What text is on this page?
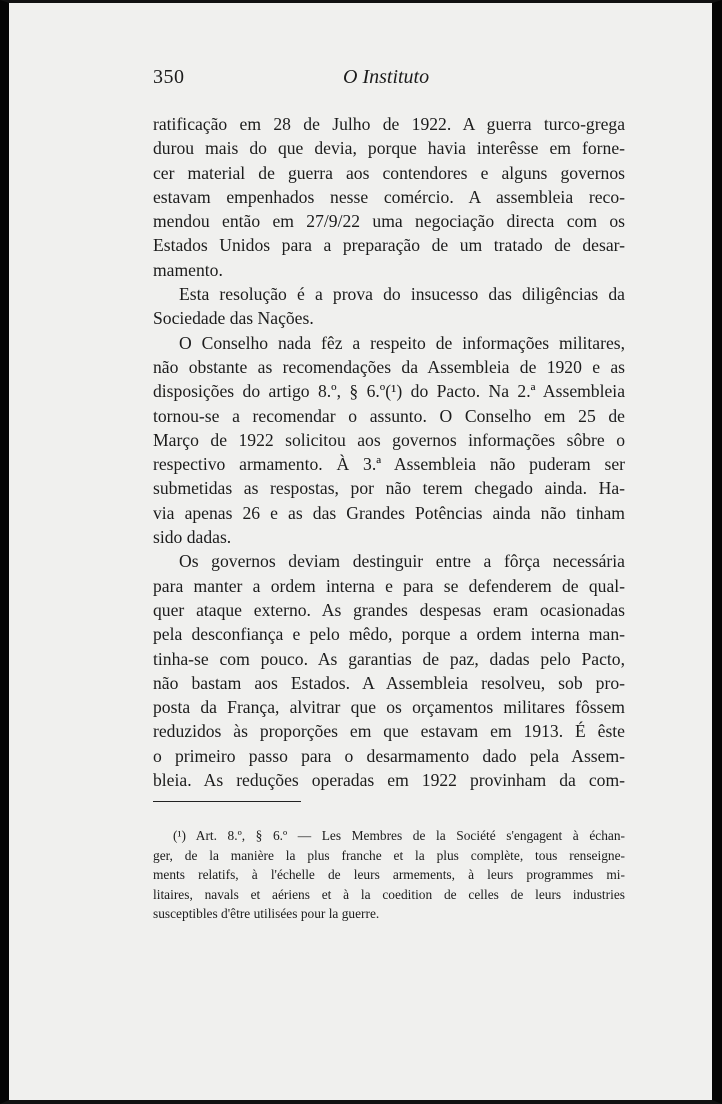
350	O Instituto

ratificação em 28 de Julho de 1922. A guerra turco-grega
durou mais do que devia, porque havia interêsse em forne-
cer material de guerra aos contendores e alguns governos
estavam empenhados nesse comércio. A assembleia reco-
mendou então em 27/9/22 uma negociação directa com os
Estados Unidos para a preparação de um tratado de desar-
mamento.

Esta resolução é a prova do insucesso das diligências da
Sociedade das Nações.

O Conselho nada fêz a respeito de informações militares,
não obstante as recomendações da Assembleia de 1920 e as
disposições do artigo 8.º, § 6.º(¹) do Pacto. Na 2.ª Assembleia
tornou-se a recomendar o assunto. O Conselho em 25 de
Março de 1922 solicitou aos governos informações sôbre o
respectivo armamento. À 3.ª Assembleia não puderam ser
submetidas as respostas, por não terem chegado ainda. Ha-
via apenas 26 e as das Grandes Potências ainda não tinham
sido dadas.

Os governos deviam destinguir entre a fôrça necessária
para manter a ordem interna e para se defenderem de qual-
quer ataque externo. As grandes despesas eram ocasionadas
pela desconfiança e pelo mêdo, porque a ordem interna man-
tinha-se com pouco. As garantias de paz, dadas pelo Pacto,
não bastam aos Estados. A Assembleia resolveu, sob pro-
posta da França, alvitrar que os orçamentos militares fôssem
reduzidos às proporções em que estavam em 1913. É êste
o primeiro passo para o desarmamento dado pela Assem-
bleia. As reduções operadas em 1922 provinham da com-

(¹) Art. 8.º, § 6.º — Les Membres de la Société s'engagent à échan-
ger, de la manière la plus franche et la plus complète, tous renseigne-
ments relatifs, à l'échelle de leurs armements, à leurs programmes mi-
litaires, navals et aériens et à la coedition de celles de leurs industries
susceptibles d'être utilisées pour la guerre.
